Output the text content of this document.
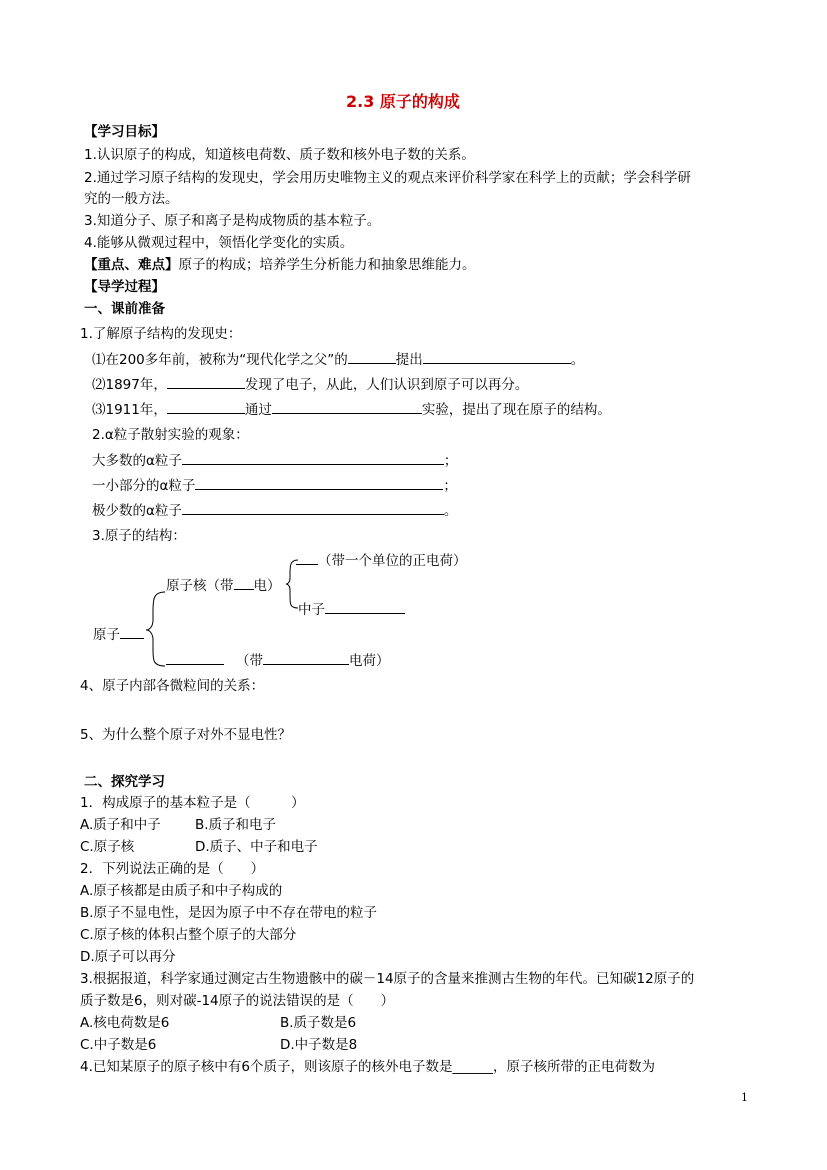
2.3 原子的构成
【学习目标】
1.认识原子的构成，知道核电荷数、质子数和核外电子数的关系。
2.通过学习原子结构的发现史，学会用历史唯物主义的观点来评价科学家在科学上的贡献；学会科学研
究的一般方法。
3.知道分子、原子和离子是构成物质的基本粒子。
4.能够从微观过程中，领悟化学变化的实质。
【重点、难点】原子的构成；培养学生分析能力和抽象思维能力。
【导学过程】
一、课前准备
1.了解原子结构的发现史：
⑴在200多年前，被称为“现代化学之父”的	提出	。
⑵1897年，	发现了电子，从此，人们认识到原子可以再分。
⑶1911年，	通过	实验，提出了现在原子的结构。
2.α粒子散射实验的观象：
大多数的α粒子	；
一小部分的α粒子	；
极少数的α粒子	。
3.原子的结构：
原子
原子核（带 电）
（带一个单位的正电荷）
中子
（带	电荷）
4、原子内部各微粒间的关系：
5、为什么整个原子对外不显电性？
二、探究学习
1．构成原子的基本粒子是（　　　）
A.质子和中子	B.质子和电子
C.原子核	D.质子、中子和电子
2．下列说法正确的是（　　）
A.原子核都是由质子和中子构成的
B.原子不显电性，是因为原子中不存在带电的粒子
C.原子核的体积占整个原子的大部分
D.原子可以再分
3.根据报道，科学家通过测定古生物遗骸中的碳－14原子的含量来推测古生物的年代。已知碳12原子的
质子数是6，则对碳-14原子的说法错误的是（　　）
A.核电荷数是6	B.质子数是6
C.中子数是6	D.中子数是8
4.已知某原子的原子核中有6个质子，则该原子的核外电子数是______，原子核所带的正电荷数为
1
